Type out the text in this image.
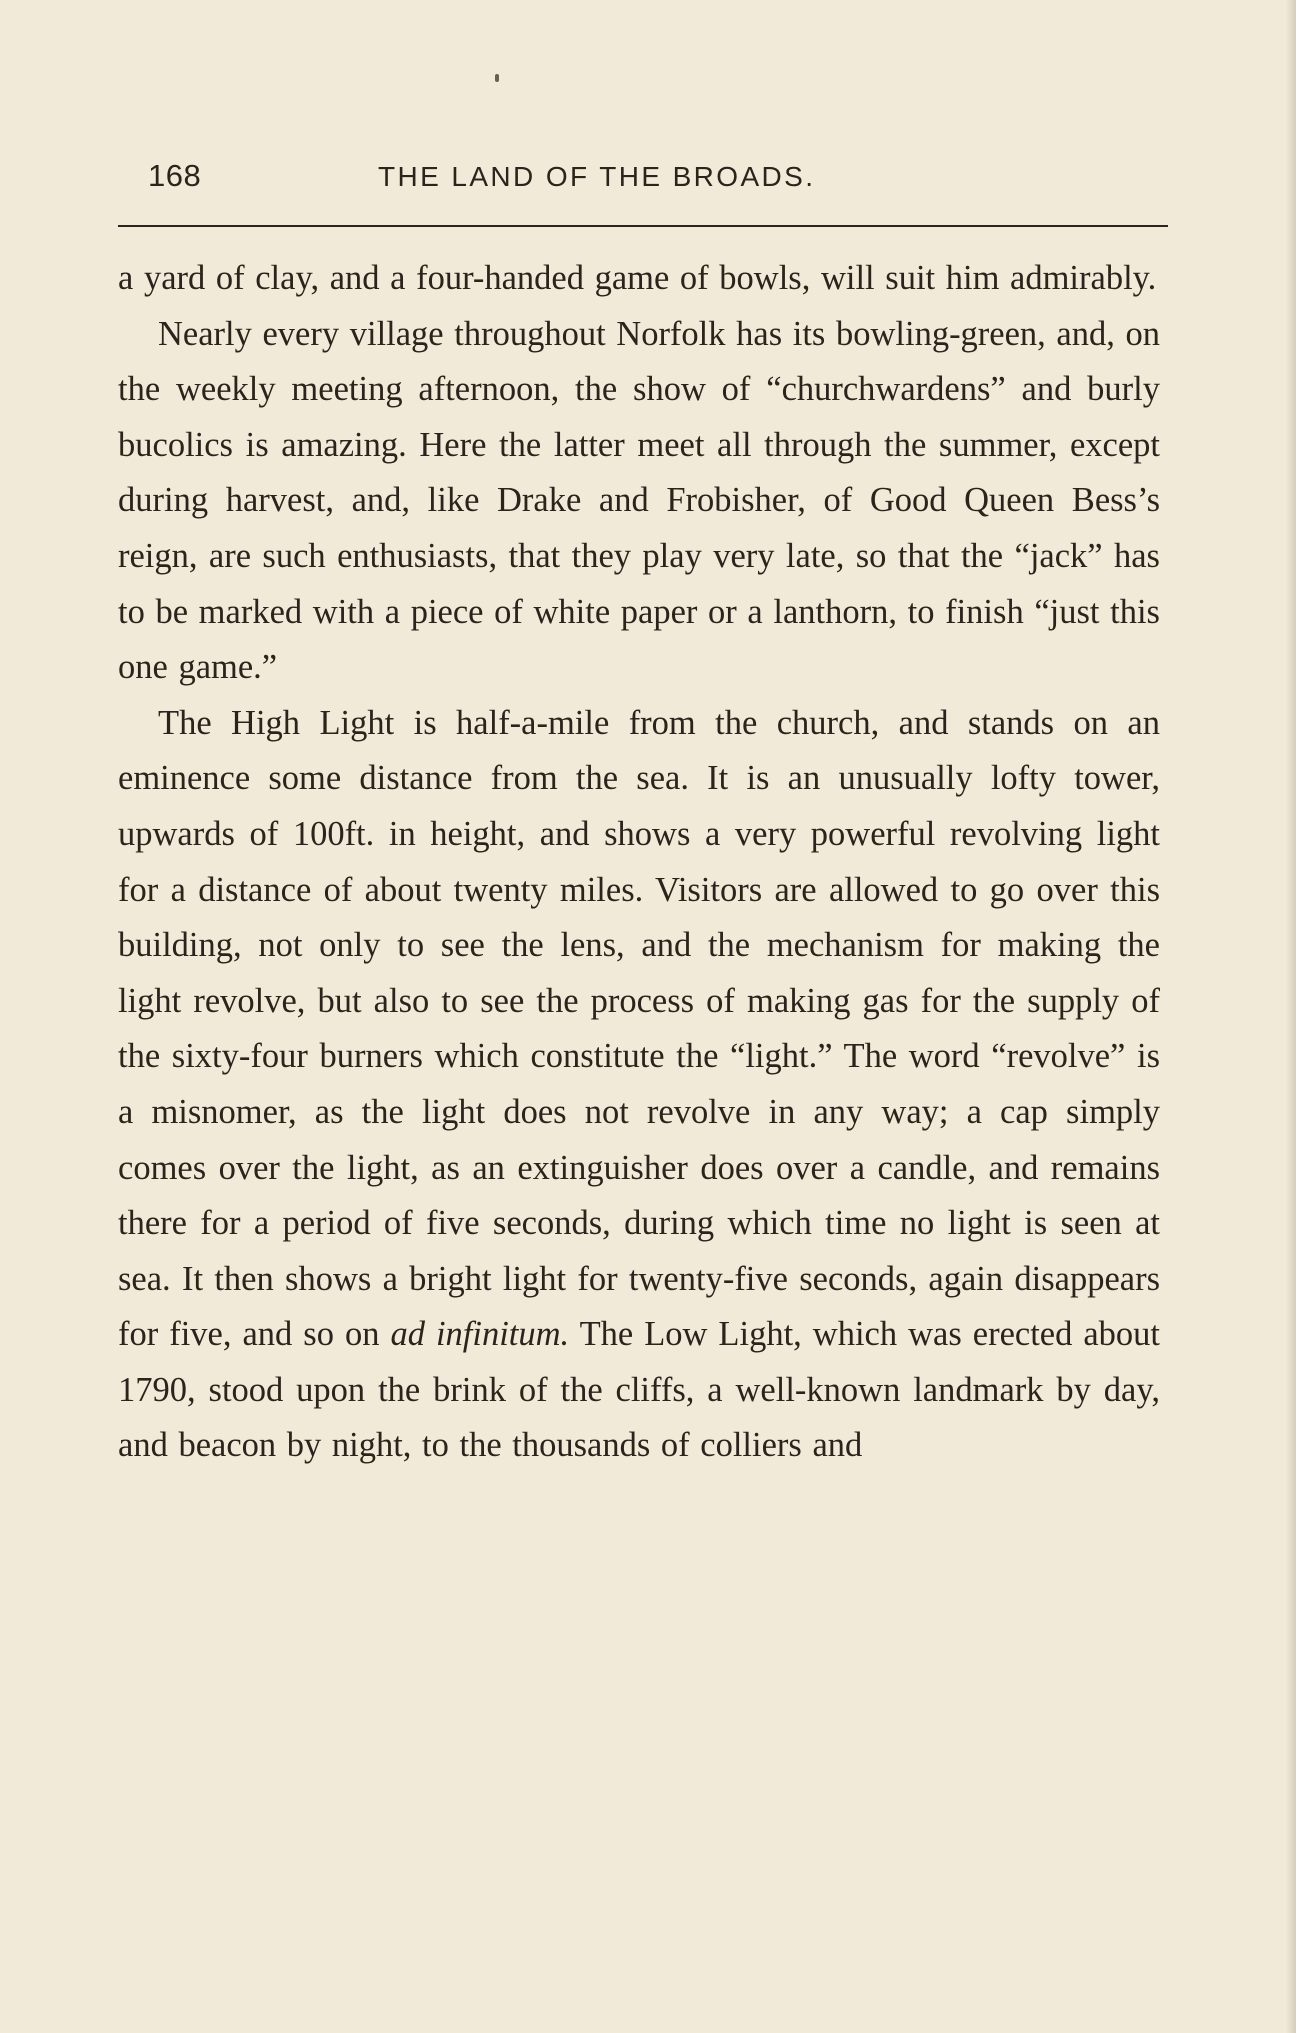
168	THE LAND OF THE BROADS.

a yard of clay, and a four-handed game of bowls, will suit him admirably.

Nearly every village throughout Norfolk has its bowling-green, and, on the weekly meeting afternoon, the show of “churchwardens” and burly bucolics is amazing. Here the latter meet all through the summer, except during harvest, and, like Drake and Frobisher, of Good Queen Bess’s reign, are such enthusiasts, that they play very late, so that the “jack” has to be marked with a piece of white paper or a lanthorn, to finish “just this one game.”

The High Light is half-a-mile from the church, and stands on an eminence some distance from the sea. It is an unusually lofty tower, upwards of 100ft. in height, and shows a very powerful revolving light for a distance of about twenty miles. Visitors are allowed to go over this building, not only to see the lens, and the mechanism for making the light revolve, but also to see the process of making gas for the supply of the sixty-four burners which constitute the “light.” The word “revolve” is a misnomer, as the light does not revolve in any way; a cap simply comes over the light, as an extinguisher does over a candle, and remains there for a period of five seconds, during which time no light is seen at sea. It then shows a bright light for twenty-five seconds, again disappears for five, and so on ad infinitum. The Low Light, which was erected about 1790, stood upon the brink of the cliffs, a well-known landmark by day, and beacon by night, to the thousands of colliers and
